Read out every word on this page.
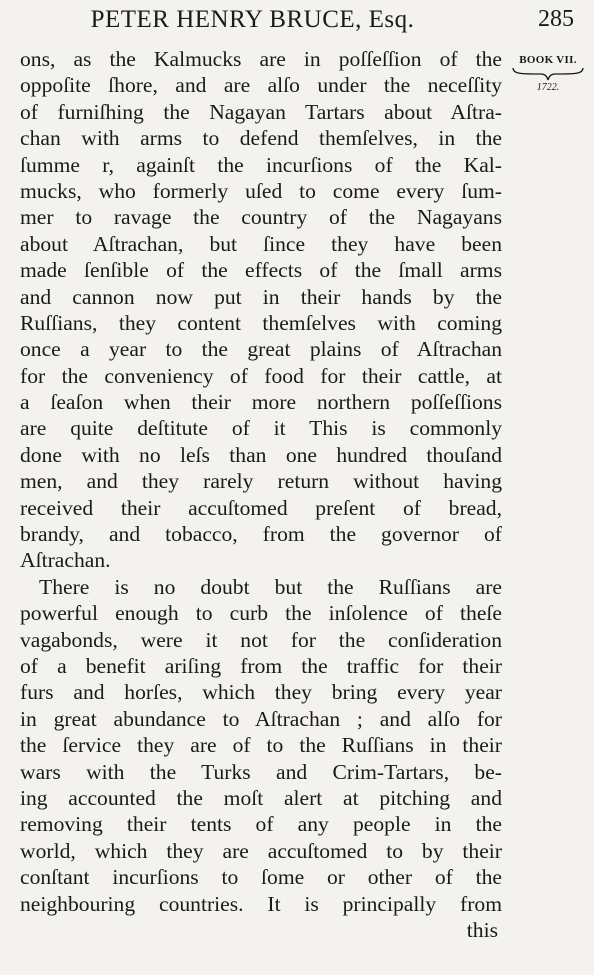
PETER HENRY BRUCE, Esq.	285
BOOK VII.
1722.
ons, as the Kalmucks are in poſſeſſion of the
oppoſite ſhore, and are alſo under the neceſſity
of furniſhing the Nagayan Tartars about Aſtra-
chan with arms to defend themſelves, in the
ſumme r, againſt the incurſions of the Kal-
mucks, who formerly uſed to come every ſum-
mer to ravage the country of the Nagayans
about Aſtrachan, but ſince they have been
made ſenſible of the effects of the ſmall arms
and cannon now put in their hands by the
Ruſſians, they content themſelves with coming
once a year to the great plains of Aſtrachan
for the conveniency of food for their cattle, at
a ſeaſon when their more northern poſſeſſions
are quite deſtitute of it This is commonly
done with no leſs than one hundred thouſand
men, and they rarely return without having
received their accuſtomed preſent of bread,
brandy, and tobacco, from the governor of
Aſtrachan.
There is no doubt but the Ruſſians are
powerful enough to curb the inſolence of theſe
vagabonds, were it not for the conſideration
of a benefit ariſing from the traffic for their
furs and horſes, which they bring every year
in great abundance to Aſtrachan ; and alſo for
the ſervice they are of to the Ruſſians in their
wars with the Turks and Crim-Tartars, be-
ing accounted the moſt alert at pitching and
removing their tents of any people in the
world, which they are accuſtomed to by their
conſtant incurſions to ſome or other of the
neighbouring countries. It is principally from
this
